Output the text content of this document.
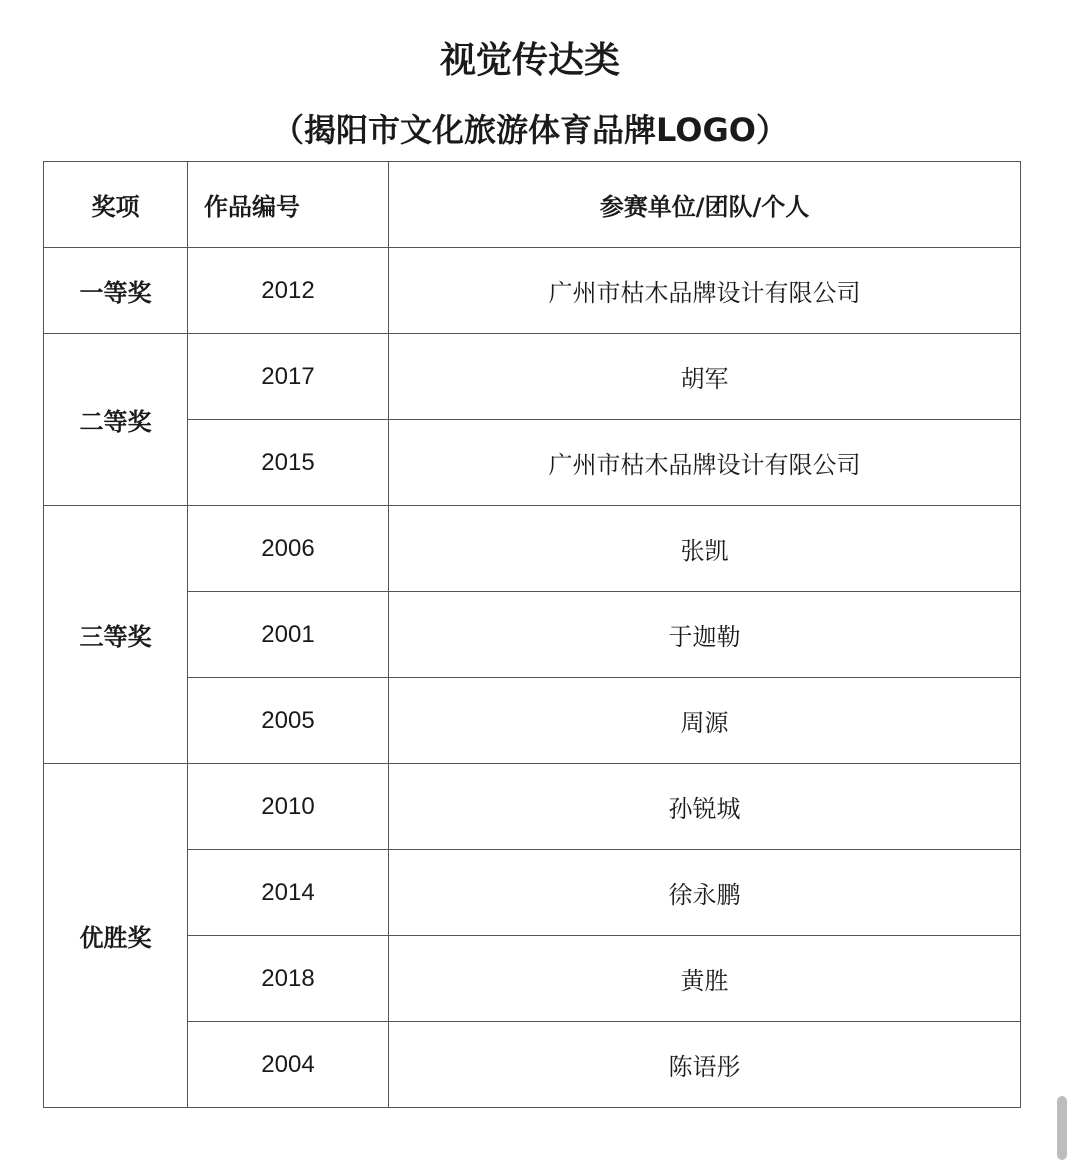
视觉传达类
（揭阳市文化旅游体育品牌LOGO）
奖项	作品编号	参赛单位/团队/个人
一等奖	2012	广州市枯木品牌设计有限公司
二等奖	2017	胡军
	2015	广州市枯木品牌设计有限公司
三等奖	2006	张凯
	2001	于迦勒
	2005	周源
优胜奖	2010	孙锐城
	2014	徐永鹏
	2018	黄胜
	2004	陈语彤
